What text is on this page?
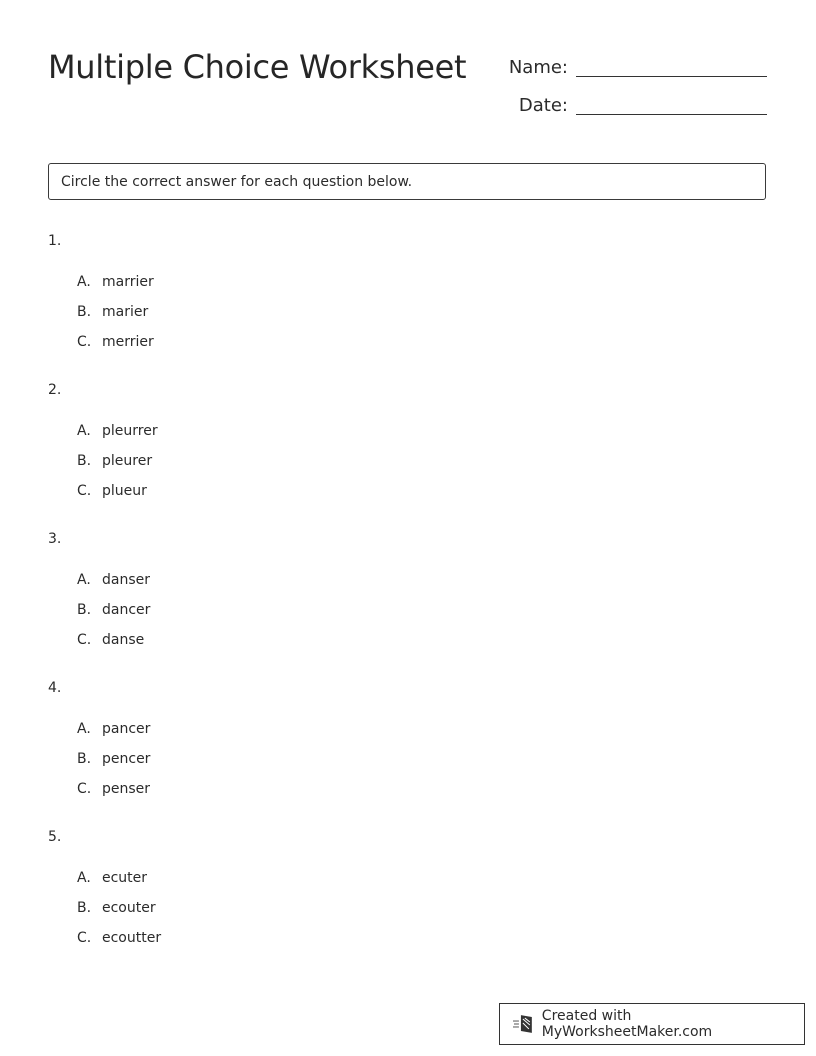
Multiple Choice Worksheet	Name:
Date:
Circle the correct answer for each question below.
1.
A. marrier
B. marier
C. merrier
2.
A. pleurrer
B. pleurer
C. plueur
3.
A. danser
B. dancer
C. danse
4.
A. pancer
B. pencer
C. penser
5.
A. ecuter
B. ecouter
C. ecoutter
Created with MyWorksheetMaker.com
